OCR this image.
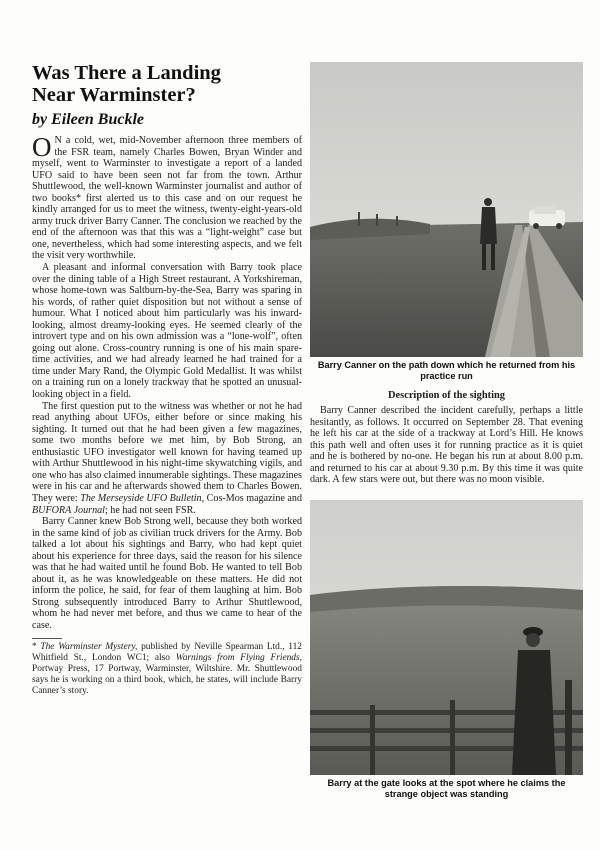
Was There a Landing
Near Warminster?
by Eileen Buckle

O N a cold, wet, mid-November afternoon three members of the FSR team, namely Charles Bowen, Bryan Winder and myself, went to Warminster to investigate a report of a landed UFO said to have been seen not far from the town. Arthur Shuttlewood, the well-known Warminster journalist and author of two books* first alerted us to this case and on our request he kindly arranged for us to meet the witness, twenty-eight-years-old army truck driver Barry Canner. The conclusion we reached by the end of the afternoon was that this was a “light-weight” case but one, nevertheless, which had some interesting aspects, and we felt the visit very worthwhile.

A pleasant and informal conversation with Barry took place over the dining table of a High Street restaurant. A Yorkshireman, whose home-town was Saltburn-by-the-Sea, Barry was sparing in his words, of rather quiet disposition but not without a sense of humour. What I noticed about him particularly was his inward-looking, almost dreamy-looking eyes. He seemed clearly of the introvert type and on his own admission was a “lone-wolf”, often going out alone. Cross-country running is one of his main spare-time activities, and we had already learned he had trained for a time under Mary Rand, the Olympic Gold Medallist. It was whilst on a training run on a lonely trackway that he spotted an unusual-looking object in a field.

The first question put to the witness was whether or not he had read anything about UFOs, either before or since making his sighting. It turned out that he had been given a few magazines, some two months before we met him, by Bob Strong, an enthusiastic UFO investigator well known for having teamed up with Arthur Shuttlewood in his night-time skywatching vigils, and one who has also claimed innumerable sightings. These magazines were in his car and he afterwards showed them to Charles Bowen. They were: The Merseyside UFO Bulletin, Cos-Mos magazine and BUFORA Journal; he had not seen FSR.

Barry Canner knew Bob Strong well, because they both worked in the same kind of job as civilian truck drivers for the Army. Bob talked a lot about his sightings and Barry, who had kept quiet about his experience for three days, said the reason for his silence was that he had waited until he found Bob. He wanted to tell Bob about it, as he was knowledgeable on these matters. He did not inform the police, he said, for fear of them laughing at him. Bob Strong subsequently introduced Barry to Arthur Shuttlewood, whom he had never met before, and thus we came to hear of the case.

* The Warminster Mystery, published by Neville Spearman Ltd., 112 Whitfield St., London WC1; also Warnings from Flying Friends, Portway Press, 17 Portway, Warminster, Wiltshire. Mr. Shuttlewood says he is working on a third book, which, he states, will include Barry Canner’s story.

Barry Canner on the path down which he returned from his practice run
Description of the sighting

Barry Canner described the incident carefully, perhaps a little hesitantly, as follows. It occurred on September 28. That evening he left his car at the side of a trackway at Lord’s Hill. He knows this path well and often uses it for running practice as it is quiet and he is bothered by no-one. He began his run at about 8.00 p.m. and returned to his car at about 9.30 p.m. By this time it was quite dark. A few stars were out, but there was no moon visible.

Barry at the gate looks at the spot where he claims the strange object was standing
